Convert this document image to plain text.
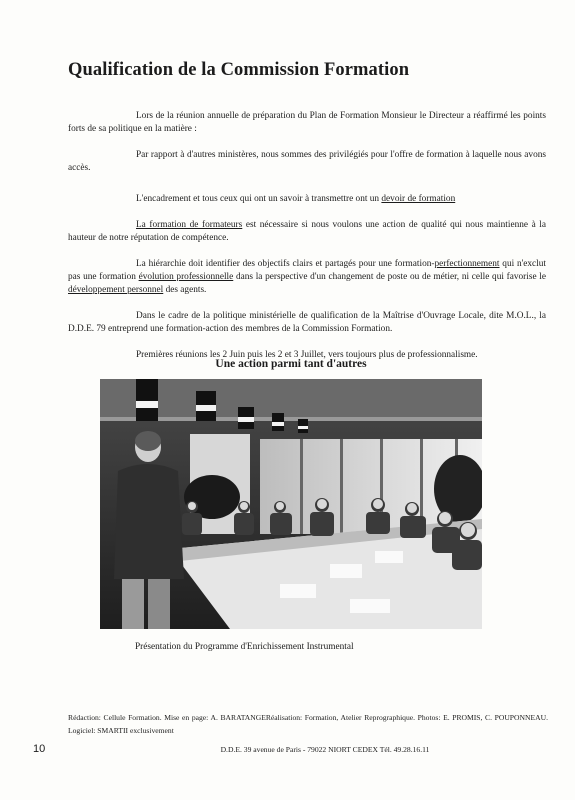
Qualification de la Commission Formation

Lors de la réunion annuelle de préparation du Plan de Formation Monsieur le Directeur a réaffirmé les points forts de sa politique en la matière :

Par rapport à d'autres ministères, nous sommes des privilégiés pour l'offre de formation à laquelle nous avons accès.

L'encadrement et tous ceux qui ont un savoir à transmettre ont un devoir de formation

La formation de formateurs est nécessaire si nous voulons une action de qualité qui nous maintienne à la hauteur de notre réputation de compétence.

La hiérarchie doit identifier des objectifs clairs et partagés pour une formation-perfectionnement qui n'exclut pas une formation évolution professionnelle dans la perspective d'un changement de poste ou de métier, ni celle qui favorise le développement personnel des agents.

Dans le cadre de la politique ministérielle de qualification de la Maîtrise d'Ouvrage Locale, dite M.O.L., la D.D.E. 79 entreprend une formation-action des membres de la Commission Formation.

Premières réunions les 2 Juin puis les 2 et 3 Juillet, vers toujours plus de professionnalisme.

Une action parmi tant d'autres

Présentation du Programme d'Enrichissement Instrumental

Rédaction: Cellule Formation. Mise en page: A. BARATANGERéalisation: Formation, Atelier Reprographique. Photos: E. PROMIS, C. POUPONNEAU. Logiciel: SMARTII exclusivement

10	D.D.E. 39 avenue de Paris - 79022 NIORT CEDEX Tél. 49.28.16.11
